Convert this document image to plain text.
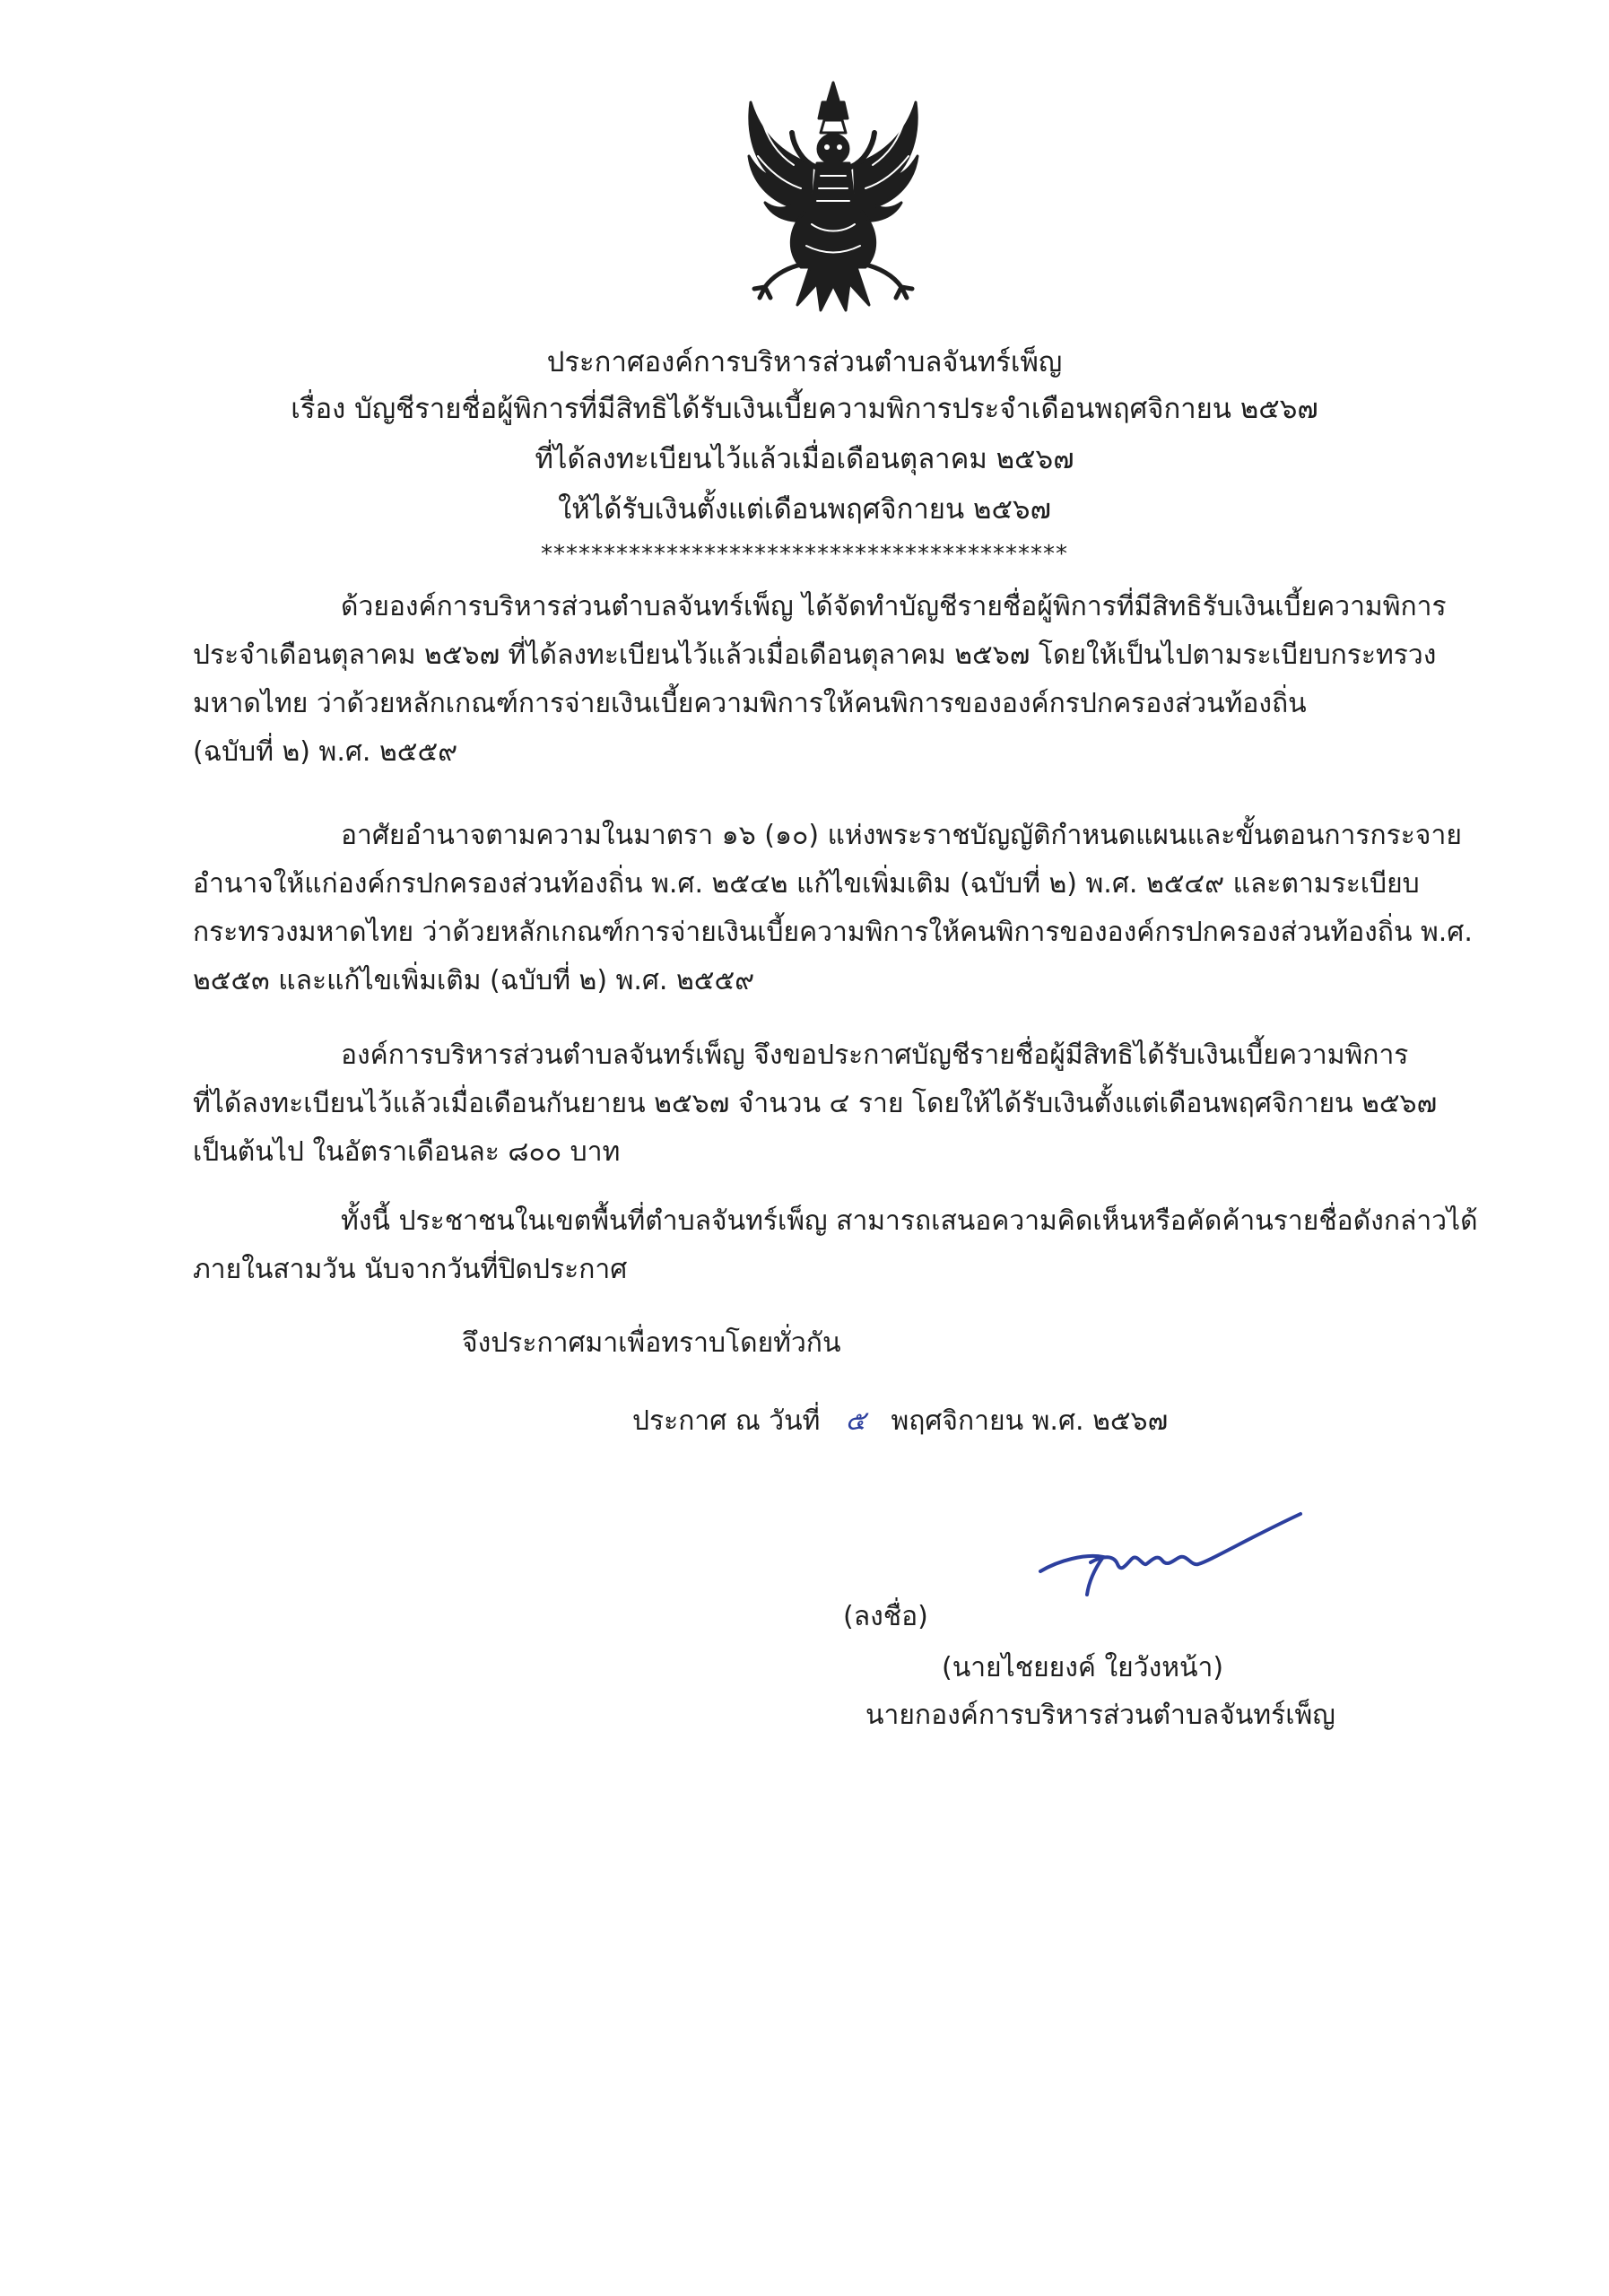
ประกาศองค์การบริหารส่วนตำบลจันทร์เพ็ญ
เรื่อง บัญชีรายชื่อผู้พิการที่มีสิทธิได้รับเงินเบี้ยความพิการประจำเดือนพฤศจิกายน ๒๕๖๗
ที่ได้ลงทะเบียนไว้แล้วเมื่อเดือนตุลาคม ๒๕๖๗
ให้ได้รับเงินตั้งแต่เดือนพฤศจิกายน ๒๕๖๗
******************************************
ด้วยองค์การบริหารส่วนตำบลจันทร์เพ็ญ ได้จัดทำบัญชีรายชื่อผู้พิการที่มีสิทธิรับเงินเบี้ยความพิการ
ประจำเดือนตุลาคม ๒๕๖๗ ที่ได้ลงทะเบียนไว้แล้วเมื่อเดือนตุลาคม ๒๕๖๗ โดยให้เป็นไปตามระเบียบกระทรวง
มหาดไทย ว่าด้วยหลักเกณฑ์การจ่ายเงินเบี้ยความพิการให้คนพิการขององค์กรปกครองส่วนท้องถิ่น
(ฉบับที่ ๒) พ.ศ. ๒๕๕๙
อาศัยอำนาจตามความในมาตรา ๑๖ (๑๐) แห่งพระราชบัญญัติกำหนดแผนและขั้นตอนการกระจาย
อำนาจให้แก่องค์กรปกครองส่วนท้องถิ่น พ.ศ. ๒๕๔๒ แก้ไขเพิ่มเติม (ฉบับที่ ๒) พ.ศ. ๒๕๔๙ และตามระเบียบ
กระทรวงมหาดไทย ว่าด้วยหลักเกณฑ์การจ่ายเงินเบี้ยความพิการให้คนพิการขององค์กรปกครองส่วนท้องถิ่น พ.ศ.
๒๕๕๓ และแก้ไขเพิ่มเติม (ฉบับที่ ๒) พ.ศ. ๒๕๕๙
องค์การบริหารส่วนตำบลจันทร์เพ็ญ จึงขอประกาศบัญชีรายชื่อผู้มีสิทธิได้รับเงินเบี้ยความพิการ
ที่ได้ลงทะเบียนไว้แล้วเมื่อเดือนกันยายน ๒๕๖๗ จำนวน ๔ ราย โดยให้ได้รับเงินตั้งแต่เดือนพฤศจิกายน ๒๕๖๗
เป็นต้นไป ในอัตราเดือนละ ๘๐๐ บาท
ทั้งนี้ ประชาชนในเขตพื้นที่ตำบลจันทร์เพ็ญ สามารถเสนอความคิดเห็นหรือคัดค้านรายชื่อดังกล่าวได้
ภายในสามวัน นับจากวันที่ปิดประกาศ
จึงประกาศมาเพื่อทราบโดยทั่วกัน
ประกาศ ณ วันที่ ๕ พฤศจิกายน พ.ศ. ๒๕๖๗
(ลงชื่อ)
(นายไชยยงค์ ใยวังหน้า)
นายกองค์การบริหารส่วนตำบลจันทร์เพ็ญ
